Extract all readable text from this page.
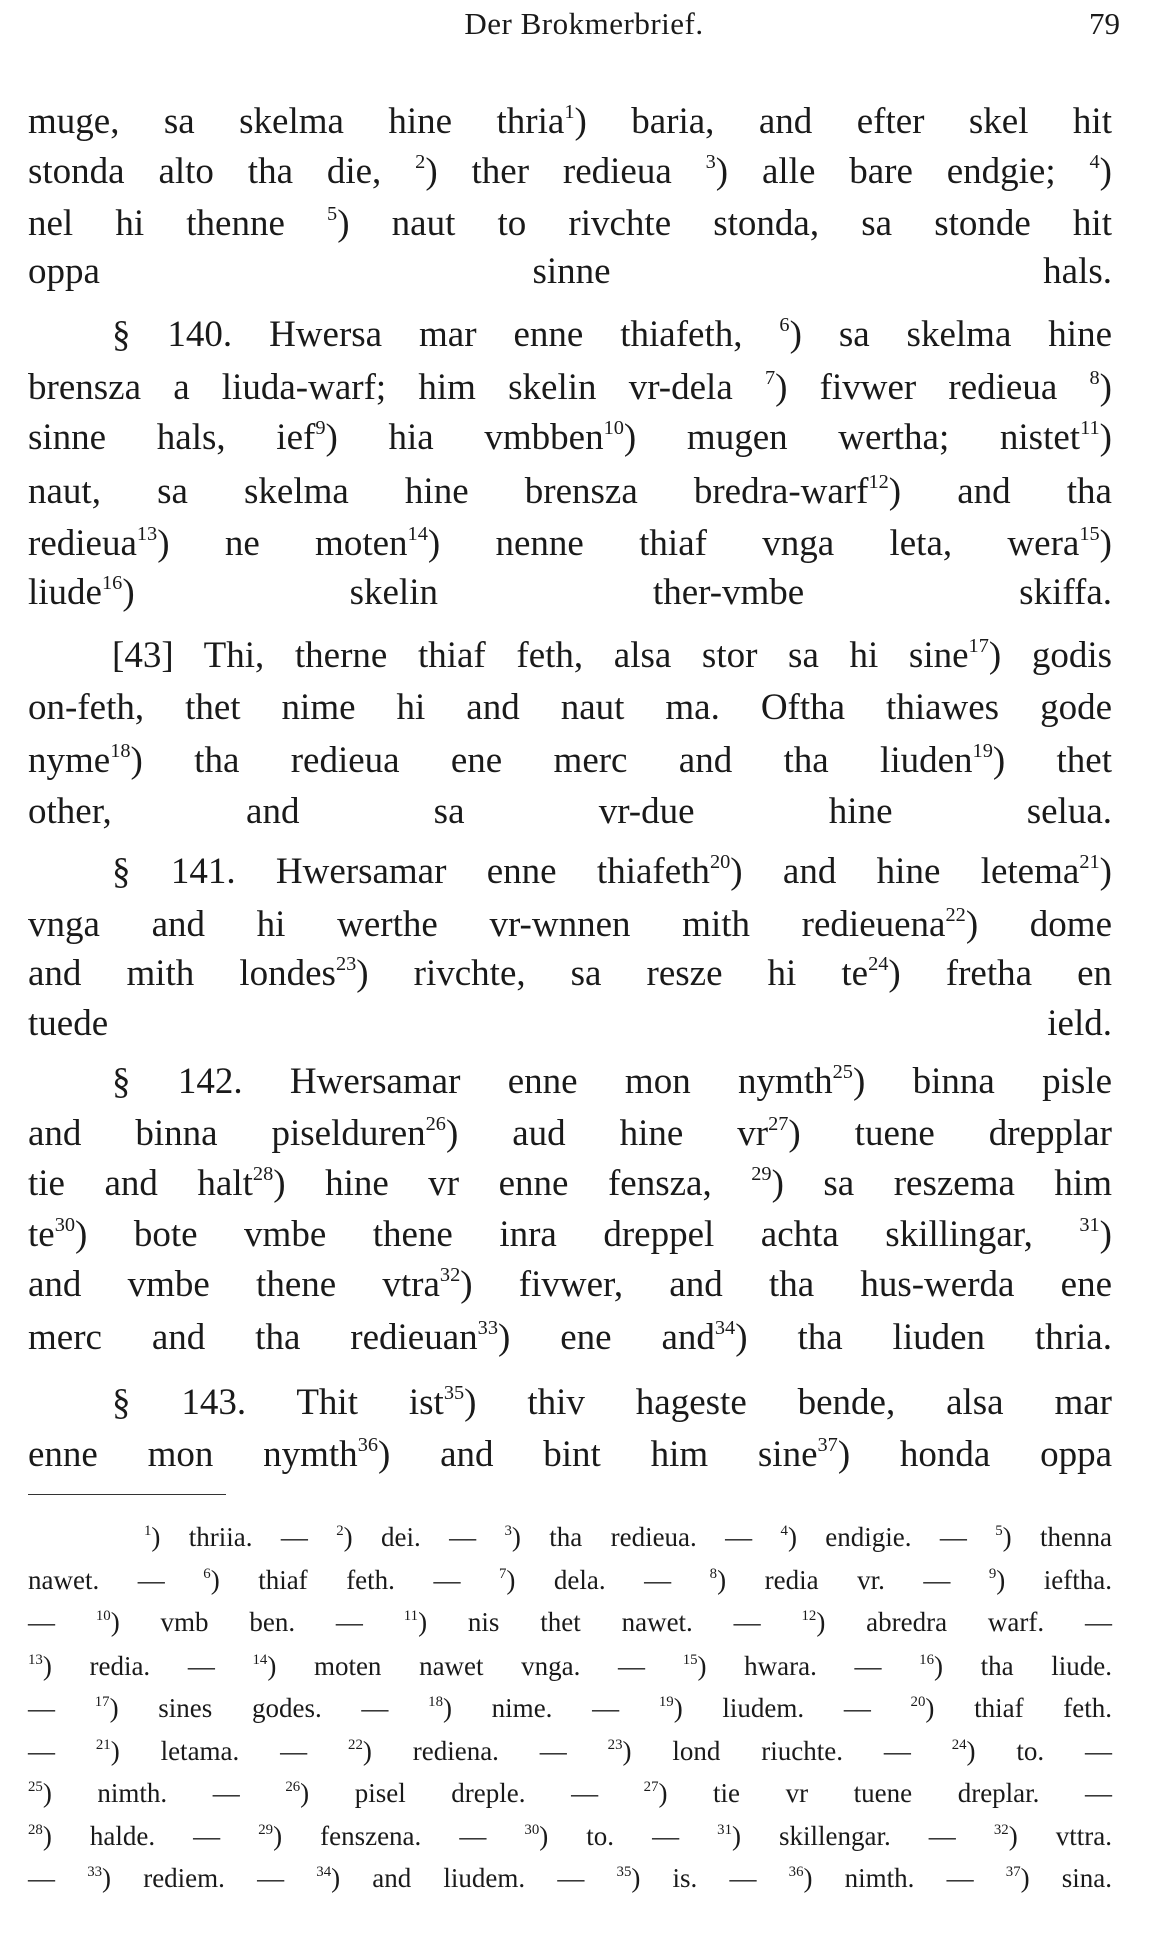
Der Brokmerbrief.	79
muge, sa skelma hine thria$^1$) baria, and efter skel hit
stonda alto tha die, $^2$) ther redieua $^3$) alle bare endgie; $^4$)
nel hi thenne $^5$) naut to rivchte stonda, sa stonde hit
oppa sinne hals.
§ 140. Hwersa mar enne thiafeth, $^6$) sa skelma hine
brensza a liuda-warf; him skelin vr-dela $^7$) fivwer redieua $^8$)
sinne hals, ief$^9$) hia vmbben$^{10}$) mugen wertha; nistet$^{11}$)
naut, sa skelma hine brensza bredra-warf$^{12}$) and tha
redieua$^{13}$) ne moten$^{14}$) nenne thiaf vnga leta, wera$^{15}$)
liude$^{16}$) skelin ther-vmbe skiffa.
[43] Thi, therne thiaf feth, alsa stor sa hi sine$^{17}$) godis
on-feth, thet nime hi and naut ma. Oftha thiawes gode
nyme$^{18}$) tha redieua ene merc and tha liuden$^{19}$) thet
other, and sa vr-due hine selua.
§ 141. Hwersamar enne thiafeth$^{20}$) and hine letema$^{21}$)
vnga and hi werthe vr-wnnen mith redieuena$^{22}$) dome
and mith londes$^{23}$) rivchte, sa resze hi $te^{24}$) fretha en
tuede ield.
§ 142. Hwersamar enne mon nymth$^{25}$) binna pisle
and binna piselduren$^{26}$) aud hine $vr^{27}$) tuene drepplar
tie and halt$^{28}$) hine vr enne fensza, $^{29}$) sa reszema him
$te^{30}$) bote vmbe thene inra dreppel achta skillingar, $^{31}$)
and vmbe thene vtra$^{32}$) fivwer, and tha hus-werda ene
merc and tha redieuan$^{33}$) ene and$^{34}$) tha liuden thria.
§ 143. Thit ist$^{35}$) thiv hageste bende, alsa mar
enne mon nymth$^{36}$) and bint him sine$^{37}$) honda oppa
$^1$) thriia. — $^2$) dei. — $^3$) tha redieua. — $^4$) endigie. — $^5$) thenna
nawet. — $^6$) thiaf feth. — $^7$) dela. — $^8$) redia vr. — $^9$) ieftha.
— $^{10}$) vmb ben. — $^{11}$) nis thet nawet. — $^{12}$) abredra warf. —
$^{13}$) redia. — $^{14}$) moten nawet vnga. — $^{15}$) hwara. — $^{16}$) tha liude.
— $^{17}$) sines godes. — $^{18}$) nime. — $^{19}$) liudem. — $^{20}$) thiaf feth.
— $^{21}$) letama. — $^{22}$) rediena. — $^{23}$) lond riuchte. — $^{24}$) to. —
$^{25}$) nimth. — $^{26}$) pisel dreple. — $^{27}$) tie vr tuene dreplar. —
$^{28}$) halde. — $^{29}$) fenszena. — $^{30}$) to. — $^{31}$) skillengar. — $^{32}$) vttra.
— $^{33}$) rediem. — $^{34}$) and liudem. — $^{35}$) is. — $^{36}$) nimth. — $^{37}$) sina.
